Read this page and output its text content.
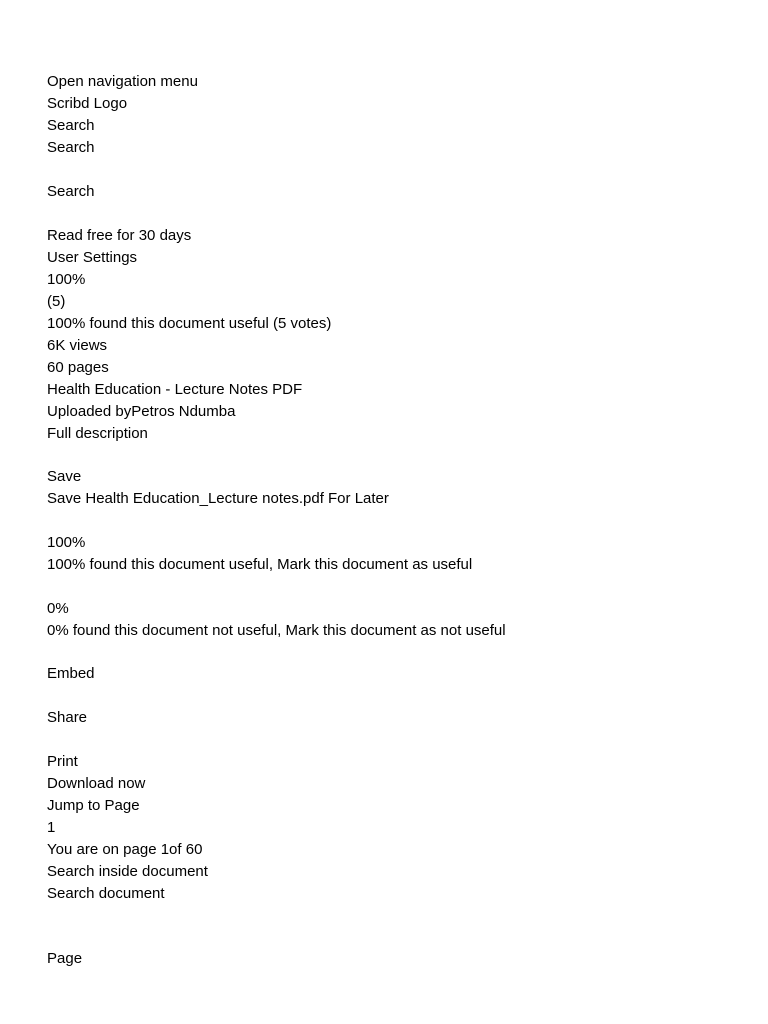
Open navigation menu
Scribd Logo
Search
Search
Search
Read free for 30 days
User Settings
100%
(5)
100% found this document useful (5 votes)
6K views
60 pages
Health Education - Lecture Notes PDF
Uploaded byPetros Ndumba
Full description
Save
Save Health Education_Lecture notes.pdf For Later
100%
100% found this document useful, Mark this document as useful
0%
0% found this document not useful, Mark this document as not useful
Embed
Share
Print
Download now
Jump to Page
1
You are on page 1of 60
Search inside document
Search document
Page
